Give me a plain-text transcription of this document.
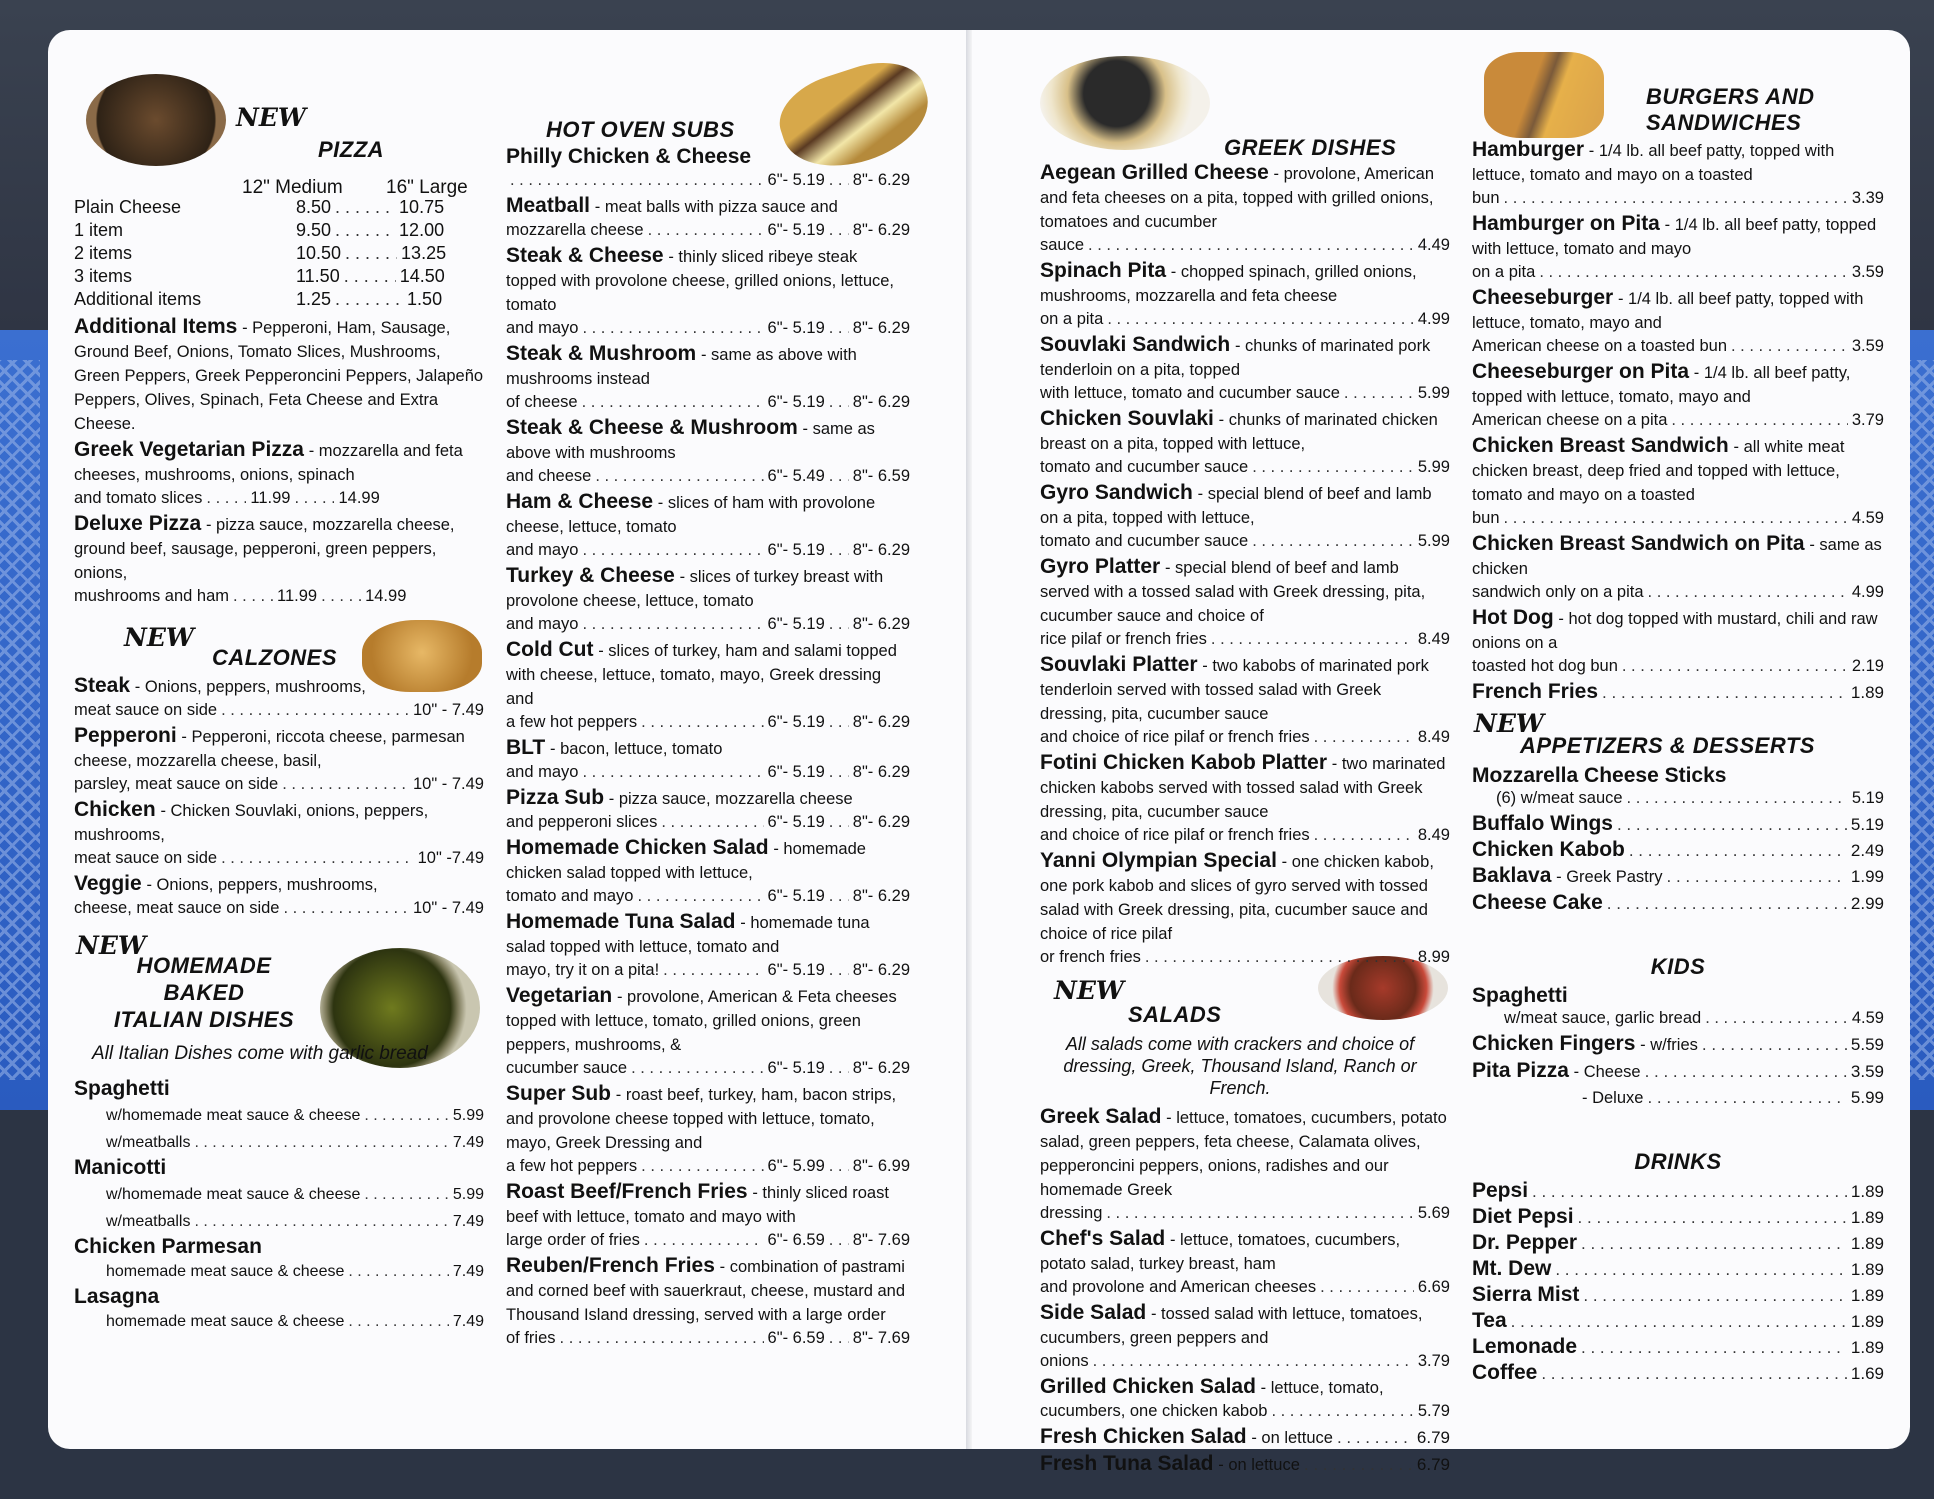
NEW
PIZZA
12" Medium 16" Large
Plain Cheese	8.50 . . .	10.75
1 item	9.50 . . .	12.00
2 items	10.50 . . .	13.25
3 items	11.50 . . .	14.50
Additional items	1.25 . . .	1.50
Additional Items - Pepperoni, Ham, Sausage, Ground Beef, Onions, Tomato Slices, Mushrooms, Green Peppers, Greek Pepperoncini Peppers, Jalapeño Peppers, Olives, Spinach, Feta Cheese and Extra Cheese.
Greek Vegetarian Pizza - mozzarella and feta cheeses, mushrooms, onions, spinach
and tomato slices . . .	11.99 . . .	14.99
Deluxe Pizza - pizza sauce, mozzarella cheese, ground beef, sausage, pepperoni, green peppers, onions,
mushrooms and ham . . .	11.99 . . .	14.99
NEW
CALZONES
Steak - Onions, peppers, mushrooms,
meat sauce on side . . .	10" - 7.49
Pepperoni - Pepperoni, riccota cheese, parmesan cheese, mozzarella cheese, basil,
parsley, meat sauce on side . . .	10" - 7.49
Chicken - Chicken Souvlaki, onions, peppers, mushrooms,
meat sauce on side . . .	10" -7.49
Veggie - Onions, peppers, mushrooms,
cheese, meat sauce on side . . .	10" - 7.49
NEW
HOMEMADE
BAKED
ITALIAN DISHES
All Italian Dishes come with garlic bread
Spaghetti
w/homemade meat sauce & cheese . . .	5.99
w/meatballs . . .	7.49
Manicotti
w/homemade meat sauce & cheese . . .	5.99
w/meatballs . . .	7.49
Chicken Parmesan
homemade meat sauce & cheese . . .	7.49
Lasagna
homemade meat sauce & cheese . . .	7.49
HOT OVEN SUBS
Philly Chicken & Cheese
. . .
6"- 5.19 . . . 8"- 6.29
Meatball - meat balls with pizza sauce and
mozzarella cheese . . .	6"- 5.19 . . . 8"- 6.29
Steak & Cheese - thinly sliced ribeye steak topped with provolone cheese, grilled onions, lettuce, tomato
and mayo . . .	6"- 5.19 . . . 8"- 6.29
Steak & Mushroom - same as above with mushrooms instead
of cheese . . .	6"- 5.19 . . . 8"- 6.29
Steak & Cheese & Mushroom - same as above with mushrooms
and cheese . . .	6"- 5.49 . . . 8"- 6.59
Ham & Cheese - slices of ham with provolone cheese, lettuce, tomato
and mayo . . .	6"- 5.19 . . . 8"- 6.29
Turkey & Cheese - slices of turkey breast with provolone cheese, lettuce, tomato
and mayo . . .	6"- 5.19 . . . 8"- 6.29
Cold Cut - slices of turkey, ham and salami topped with cheese, lettuce, tomato, mayo, Greek dressing and
a few hot peppers . . .	6"- 5.19 . . . 8"- 6.29
BLT - bacon, lettuce, tomato
and mayo . . .	6"- 5.19 . . . 8"- 6.29
Pizza Sub - pizza sauce, mozzarella cheese
and pepperoni slices . . .	6"- 5.19 . . . 8"- 6.29
Homemade Chicken Salad - homemade chicken salad topped with lettuce,
tomato and mayo . . .	6"- 5.19 . . . 8"- 6.29
Homemade Tuna Salad - homemade tuna salad topped with lettuce, tomato and
mayo, try it on a pita! . . .	6"- 5.19 . . . 8"- 6.29
Vegetarian - provolone, American & Feta cheeses topped with lettuce, tomato, grilled onions, green peppers, mushrooms, &
cucumber sauce . . .	6"- 5.19 . . . 8"- 6.29
Super Sub - roast beef, turkey, ham, bacon strips, and provolone cheese topped with lettuce, tomato, mayo, Greek Dressing and
a few hot peppers . . .	6"- 5.99 . . . 8"- 6.99
Roast Beef/French Fries - thinly sliced roast beef with lettuce, tomato and mayo with
large order of fries . . .	6"- 6.59 . . . 8"- 7.69
Reuben/French Fries - combination of pastrami and corned beef with sauerkraut, cheese, mustard and Thousand Island dressing, served with a large order
of fries . . .	6"- 6.59 . . . 8"- 7.69
GREEK DISHES
Aegean Grilled Cheese - provolone, American and feta cheeses on a pita, topped with grilled onions, tomatoes and cucumber
sauce . . .	4.49
Spinach Pita - chopped spinach, grilled onions, mushrooms, mozzarella and feta cheese
on a pita . . .	4.99
Souvlaki Sandwich - chunks of marinated pork tenderloin on a pita, topped
with lettuce, tomato and cucumber sauce . . .	5.99
Chicken Souvlaki - chunks of marinated chicken breast on a pita, topped with lettuce,
tomato and cucumber sauce . . .	5.99
Gyro Sandwich - special blend of beef and lamb on a pita, topped with lettuce,
tomato and cucumber sauce . . .	5.99
Gyro Platter - special blend of beef and lamb served with a tossed salad with Greek dressing, pita, cucumber sauce and choice of
rice pilaf or french fries . . .	8.49
Souvlaki Platter - two kabobs of marinated pork tenderloin served with tossed salad with Greek dressing, pita, cucumber sauce
and choice of rice pilaf or french fries . . .	8.49
Fotini Chicken Kabob Platter - two marinated chicken kabobs served with tossed salad with Greek dressing, pita, cucumber sauce
and choice of rice pilaf or french fries . . .	8.49
Yanni Olympian Special - one chicken kabob, one pork kabob and slices of gyro served with tossed salad with Greek dressing, pita, cucumber sauce and choice of rice pilaf
or french fries . . .	8.99
NEW
SALADS
All salads come with crackers and choice of dressing, Greek, Thousand Island, Ranch or French.
Greek Salad - lettuce, tomatoes, cucumbers, potato salad, green peppers, feta cheese, Calamata olives, pepperoncini peppers, onions, radishes and our homemade Greek
dressing . . .	5.69
Chef's Salad - lettuce, tomatoes, cucumbers, potato salad, turkey breast, ham
and provolone and American cheeses . . .	6.69
Side Salad - tossed salad with lettuce, tomatoes, cucumbers, green peppers and
onions . . .	3.79
Grilled Chicken Salad - lettuce, tomato,
cucumbers, one chicken kabob . . .	5.79
Fresh Chicken Salad
- on lettuce . . .	6.79
Fresh Tuna Salad
- on lettuce . . .	6.79
BURGERS AND
SANDWICHES
Hamburger - 1/4 lb. all beef patty, topped with lettuce, tomato and mayo on a toasted
bun . . .	3.39
Hamburger on Pita - 1/4 lb. all beef patty, topped with lettuce, tomato and mayo
on a pita . . .	3.59
Cheeseburger - 1/4 lb. all beef patty, topped with lettuce, tomato, mayo and
American cheese on a toasted bun . . .	3.59
Cheeseburger on Pita - 1/4 lb. all beef patty, topped with lettuce, tomato, mayo and
American cheese on a pita . . .	3.79
Chicken Breast Sandwich - all white meat chicken breast, deep fried and topped with lettuce, tomato and mayo on a toasted
bun . . .	4.59
Chicken Breast Sandwich on Pita - same as chicken
sandwich only on a pita . . .	4.99
Hot Dog - hot dog topped with mustard, chili and raw onions on a
toasted hot dog bun . . .	2.19
French Fries . . .	1.89
NEW
APPETIZERS & DESSERTS
Mozzarella Cheese Sticks
(6) w/meat sauce . . .	5.19
Buffalo Wings . . .	5.19
Chicken Kabob . . .	2.49
Baklava
- Greek Pastry . . .	1.99
Cheese Cake . . .	2.99
KIDS
Spaghetti
w/meat sauce, garlic bread . . .	4.59
Chicken Fingers
- w/fries . . .	5.59
Pita Pizza
- Cheese . . .	3.59
- Deluxe . . .	5.99
DRINKS
Pepsi . . .	1.89
Diet Pepsi . . .	1.89
Dr. Pepper . . .	1.89
Mt. Dew . . .	1.89
Sierra Mist . . .	1.89
Tea . . .	1.89
Lemonade . . .	1.89
Coffee . . .	1.69
